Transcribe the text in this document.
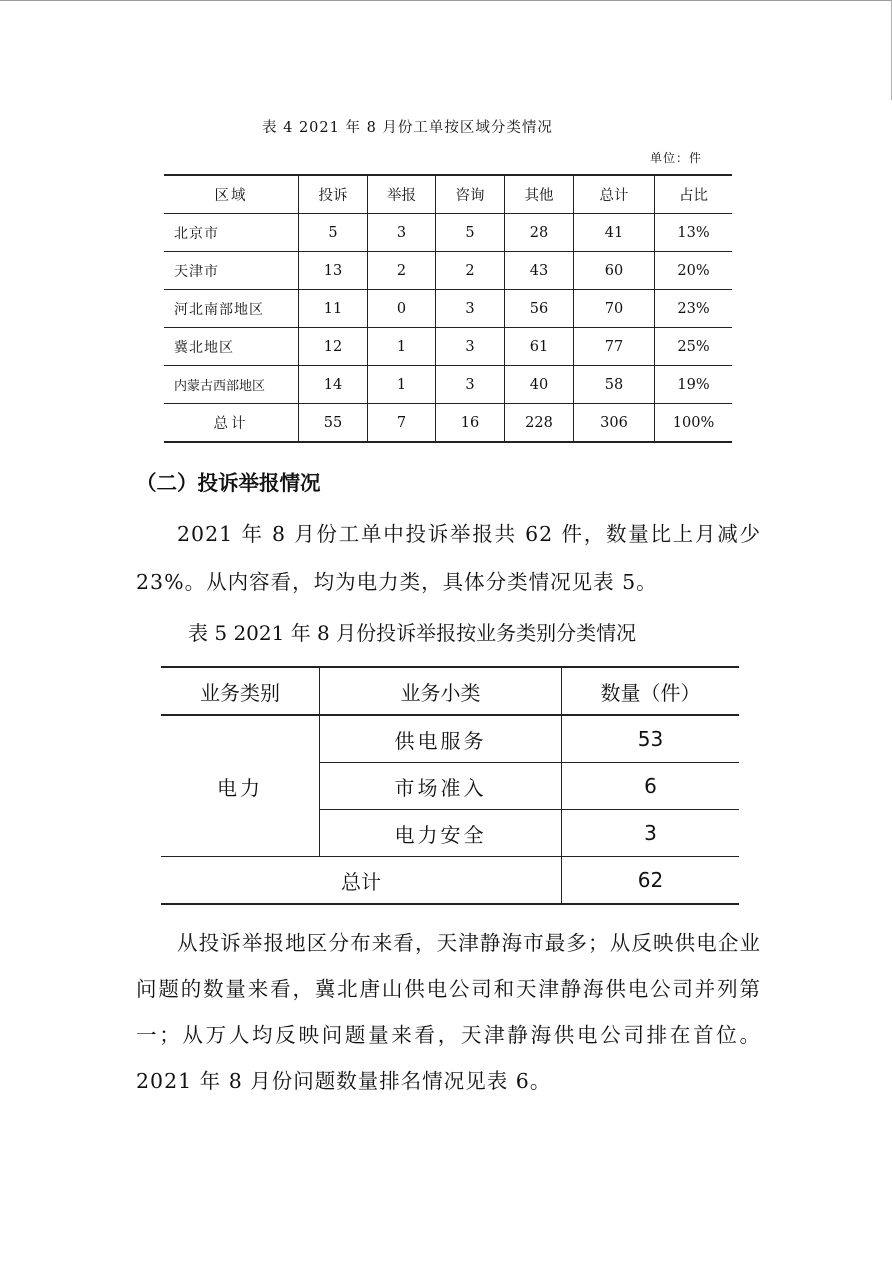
表 4 2021 年 8 月份工单按区域分类情况
单位：件
区域	投诉	举报	咨询	其他	总计	占比
北京市	5	3	5	28	41	13%
天津市	13	2	2	43	60	20%
河北南部地区	11	0	3	56	70	23%
冀北地区	12	1	3	61	77	25%
内蒙古西部地区	14	1	3	40	58	19%
总计	55	7	16	228	306	100%
（二）投诉举报情况
2021 年 8 月份工单中投诉举报共 62 件，数量比上月减少 23%。从内容看，均为电力类，具体分类情况见表 5。
表 5 2021 年 8 月份投诉举报按业务类别分类情况
业务类别	业务小类	数量（件）
电力	供电服务	53
	市场准入	6
	电力安全	3
总计		62
从投诉举报地区分布来看，天津静海市最多；从反映供电企业问题的数量来看，冀北唐山供电公司和天津静海供电公司并列第一；从万人均反映问题量来看，天津静海供电公司排在首位。2021 年 8 月份问题数量排名情况见表 6。
